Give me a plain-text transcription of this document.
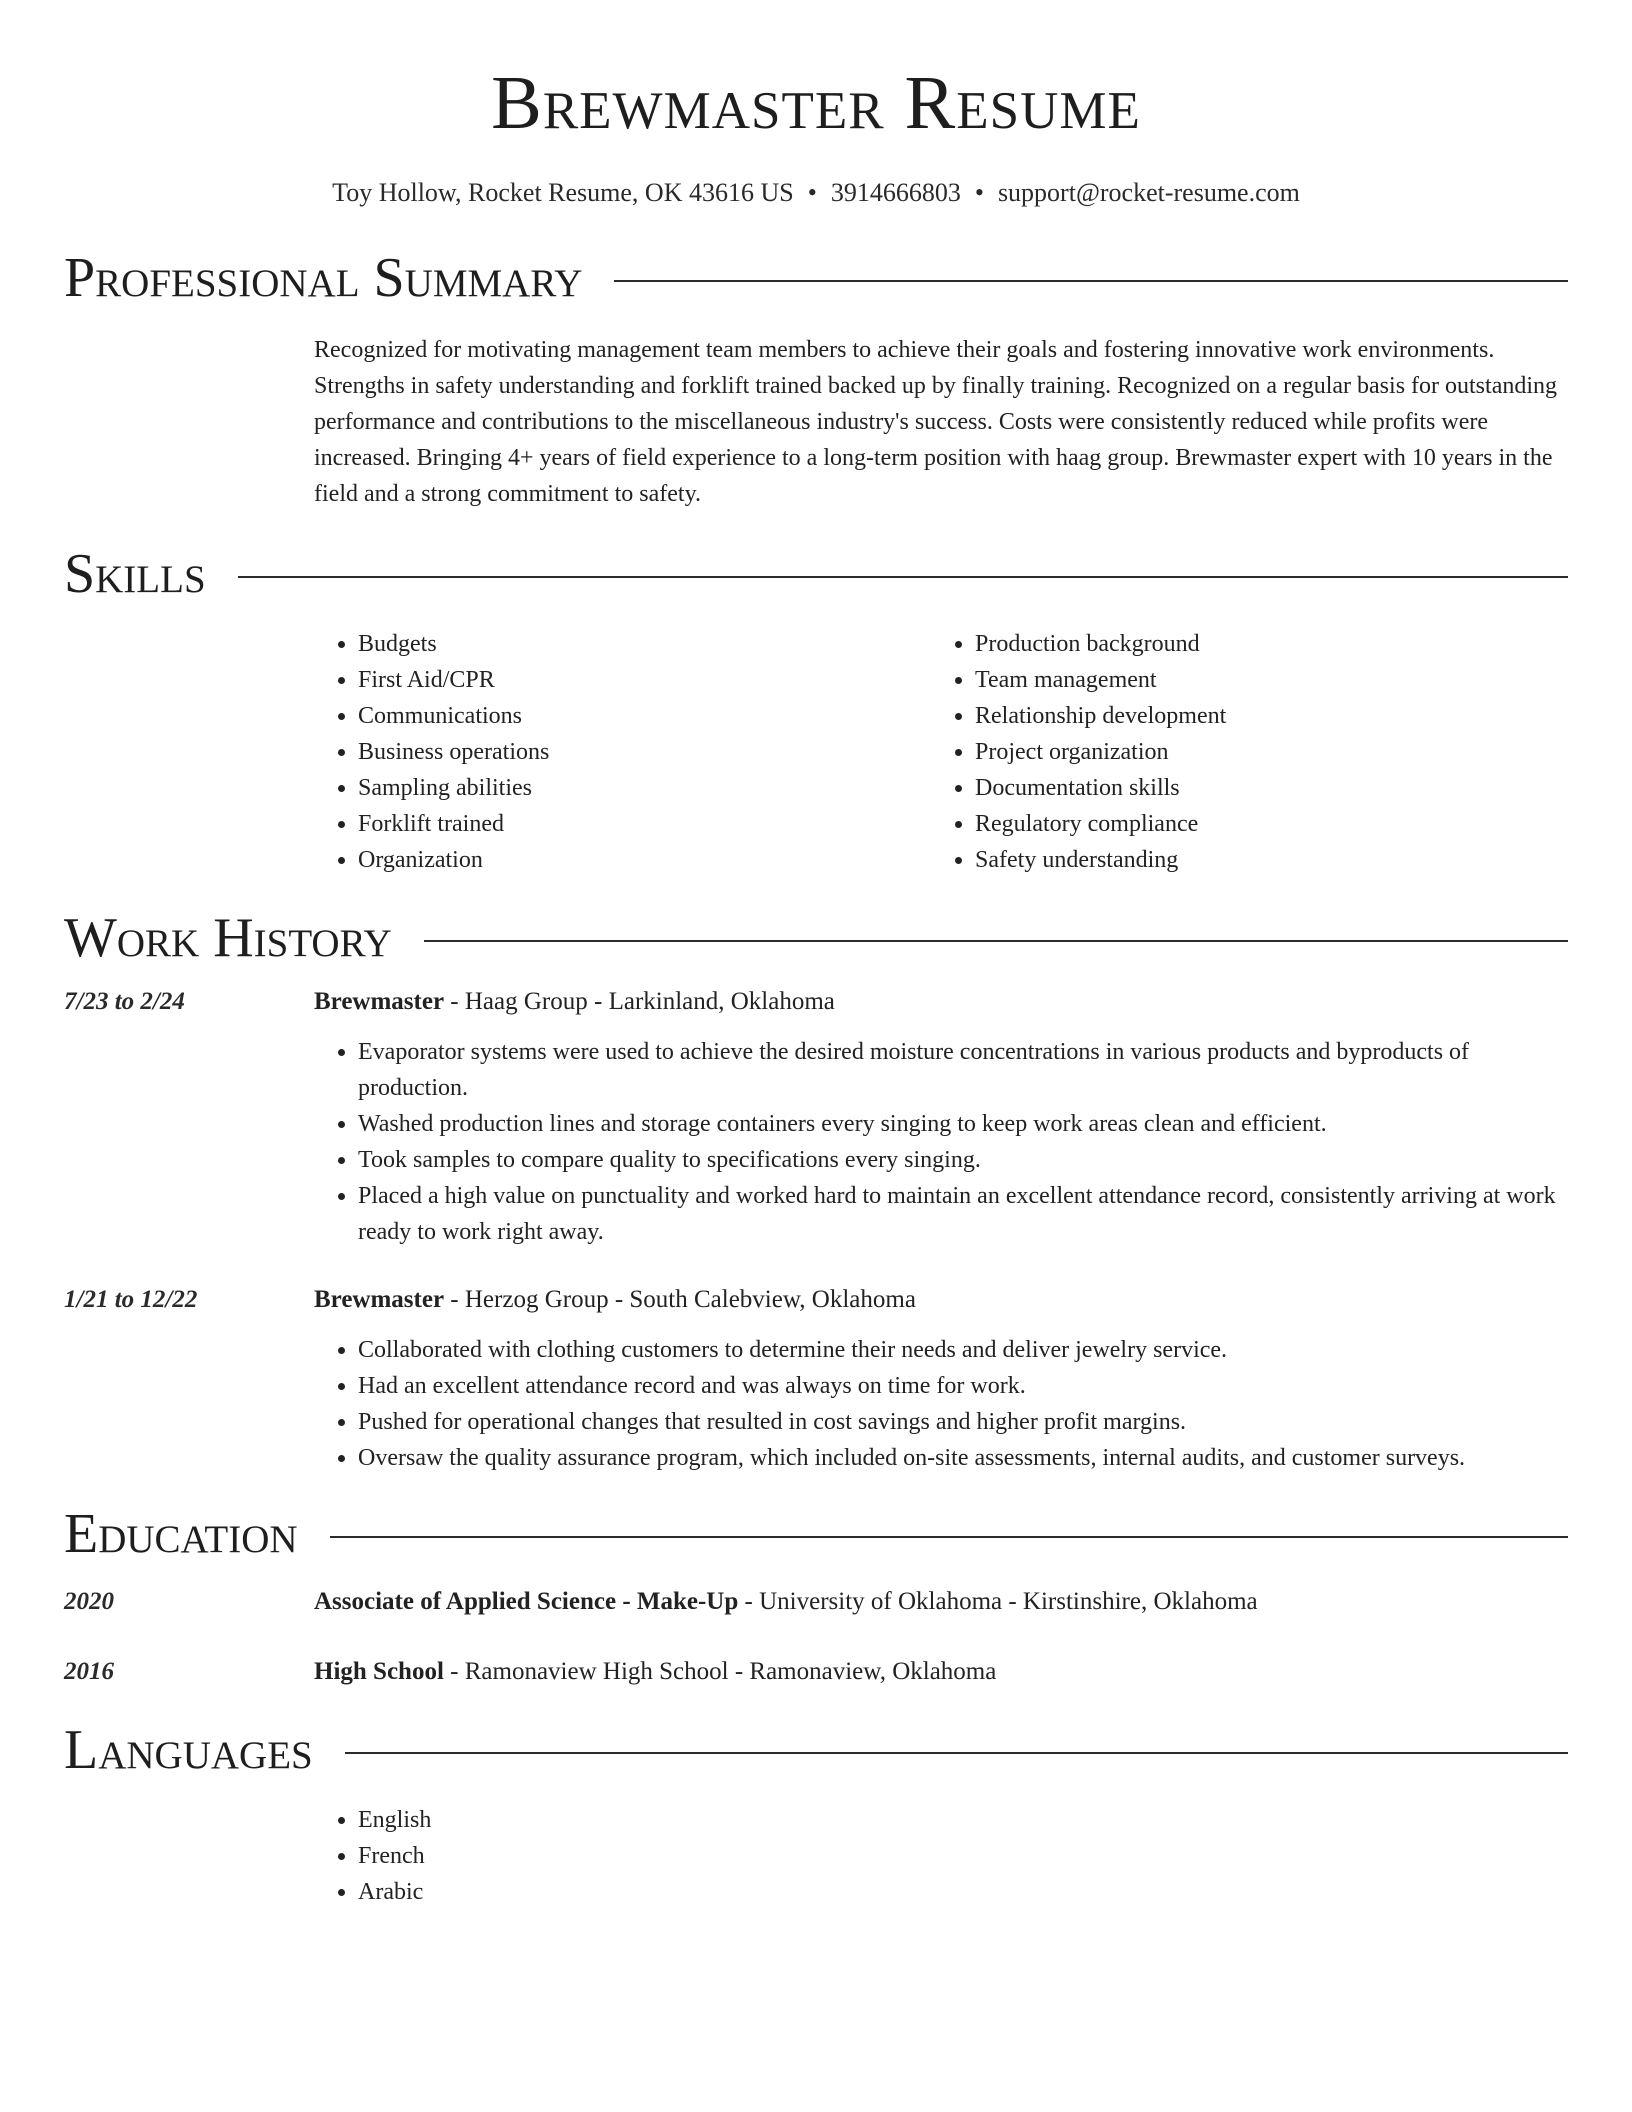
Brewmaster Resume
Toy Hollow, Rocket Resume, OK 43616 US • 3914666803 • support@rocket-resume.com
Professional Summary
Recognized for motivating management team members to achieve their goals and fostering innovative work environments. Strengths in safety understanding and forklift trained backed up by finally training. Recognized on a regular basis for outstanding performance and contributions to the miscellaneous industry's success. Costs were consistently reduced while profits were increased. Bringing 4+ years of field experience to a long-term position with haag group. Brewmaster expert with 10 years in the field and a strong commitment to safety.
Skills
• Budgets
• First Aid/CPR
• Communications
• Business operations
• Sampling abilities
• Forklift trained
• Organization
• Production background
• Team management
• Relationship development
• Project organization
• Documentation skills
• Regulatory compliance
• Safety understanding
Work History
7/23 to 2/24	Brewmaster - Haag Group - Larkinland, Oklahoma
• Evaporator systems were used to achieve the desired moisture concentrations in various products and byproducts of production.
• Washed production lines and storage containers every singing to keep work areas clean and efficient.
• Took samples to compare quality to specifications every singing.
• Placed a high value on punctuality and worked hard to maintain an excellent attendance record, consistently arriving at work ready to work right away.
1/21 to 12/22	Brewmaster - Herzog Group - South Calebview, Oklahoma
• Collaborated with clothing customers to determine their needs and deliver jewelry service.
• Had an excellent attendance record and was always on time for work.
• Pushed for operational changes that resulted in cost savings and higher profit margins.
• Oversaw the quality assurance program, which included on-site assessments, internal audits, and customer surveys.
Education
2020	Associate of Applied Science - Make-Up - University of Oklahoma - Kirstinshire, Oklahoma
2016	High School - Ramonaview High School - Ramonaview, Oklahoma
Languages
• English
• French
• Arabic
